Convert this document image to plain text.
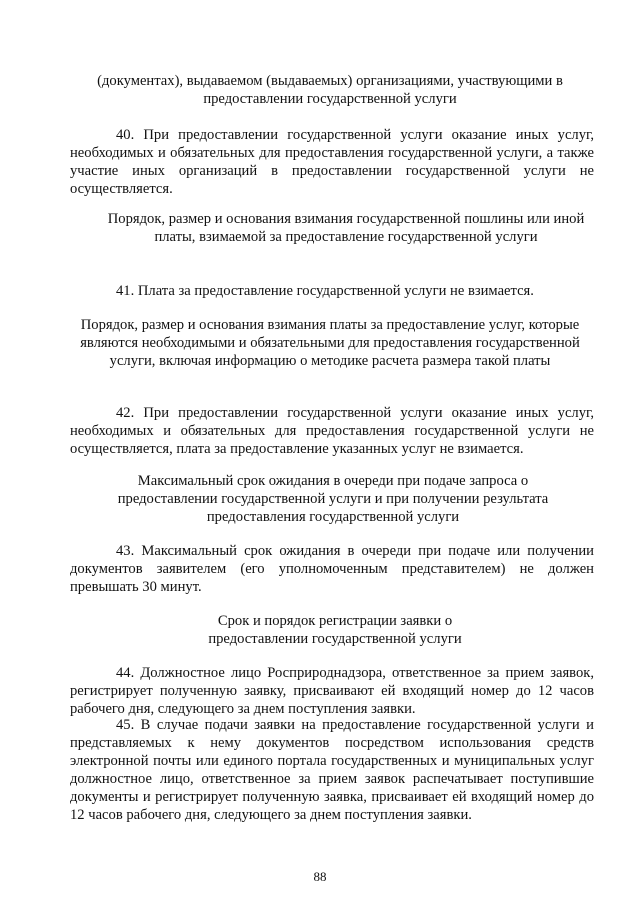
(документах), выдаваемом (выдаваемых) организациями, участвующими в предоставлении государственной услуги

40. При предоставлении государственной услуги оказание иных услуг, необходимых и обязательных для предоставления государственной услуги, а также участие иных организаций в предоставлении государственной услуги не осуществляется.

Порядок, размер и основания взимания государственной пошлины или иной платы, взимаемой за предоставление государственной услуги

41. Плата за предоставление государственной услуги не взимается.

Порядок, размер и основания взимания платы за предоставление услуг, которые являются необходимыми и обязательными для предоставления государственной услуги, включая информацию о методике расчета размера такой платы

42. При предоставлении государственной услуги оказание иных услуг, необходимых и обязательных для предоставления государственной услуги не осуществляется, плата за предоставление указанных услуг не взимается.

Максимальный срок ожидания в очереди при подаче запроса о предоставлении государственной услуги и при получении результата предоставления государственной услуги

43. Максимальный срок ожидания в очереди при подаче или получении документов заявителем (его уполномоченным представителем) не должен превышать 30 минут.

Срок и порядок регистрации заявки о предоставлении государственной услуги

44. Должностное лицо Росприроднадзора, ответственное за прием заявок, регистрирует полученную заявку, присваивают ей входящий номер до 12 часов рабочего дня, следующего за днем поступления заявки.

45. В случае подачи заявки на предоставление государственной услуги и представляемых к нему документов посредством использования средств электронной почты или единого портала государственных и муниципальных услуг должностное лицо, ответственное за прием заявок распечатывает поступившие документы и регистрирует полученную заявка, присваивает ей входящий номер до 12 часов рабочего дня, следующего за днем поступления заявки.

88
